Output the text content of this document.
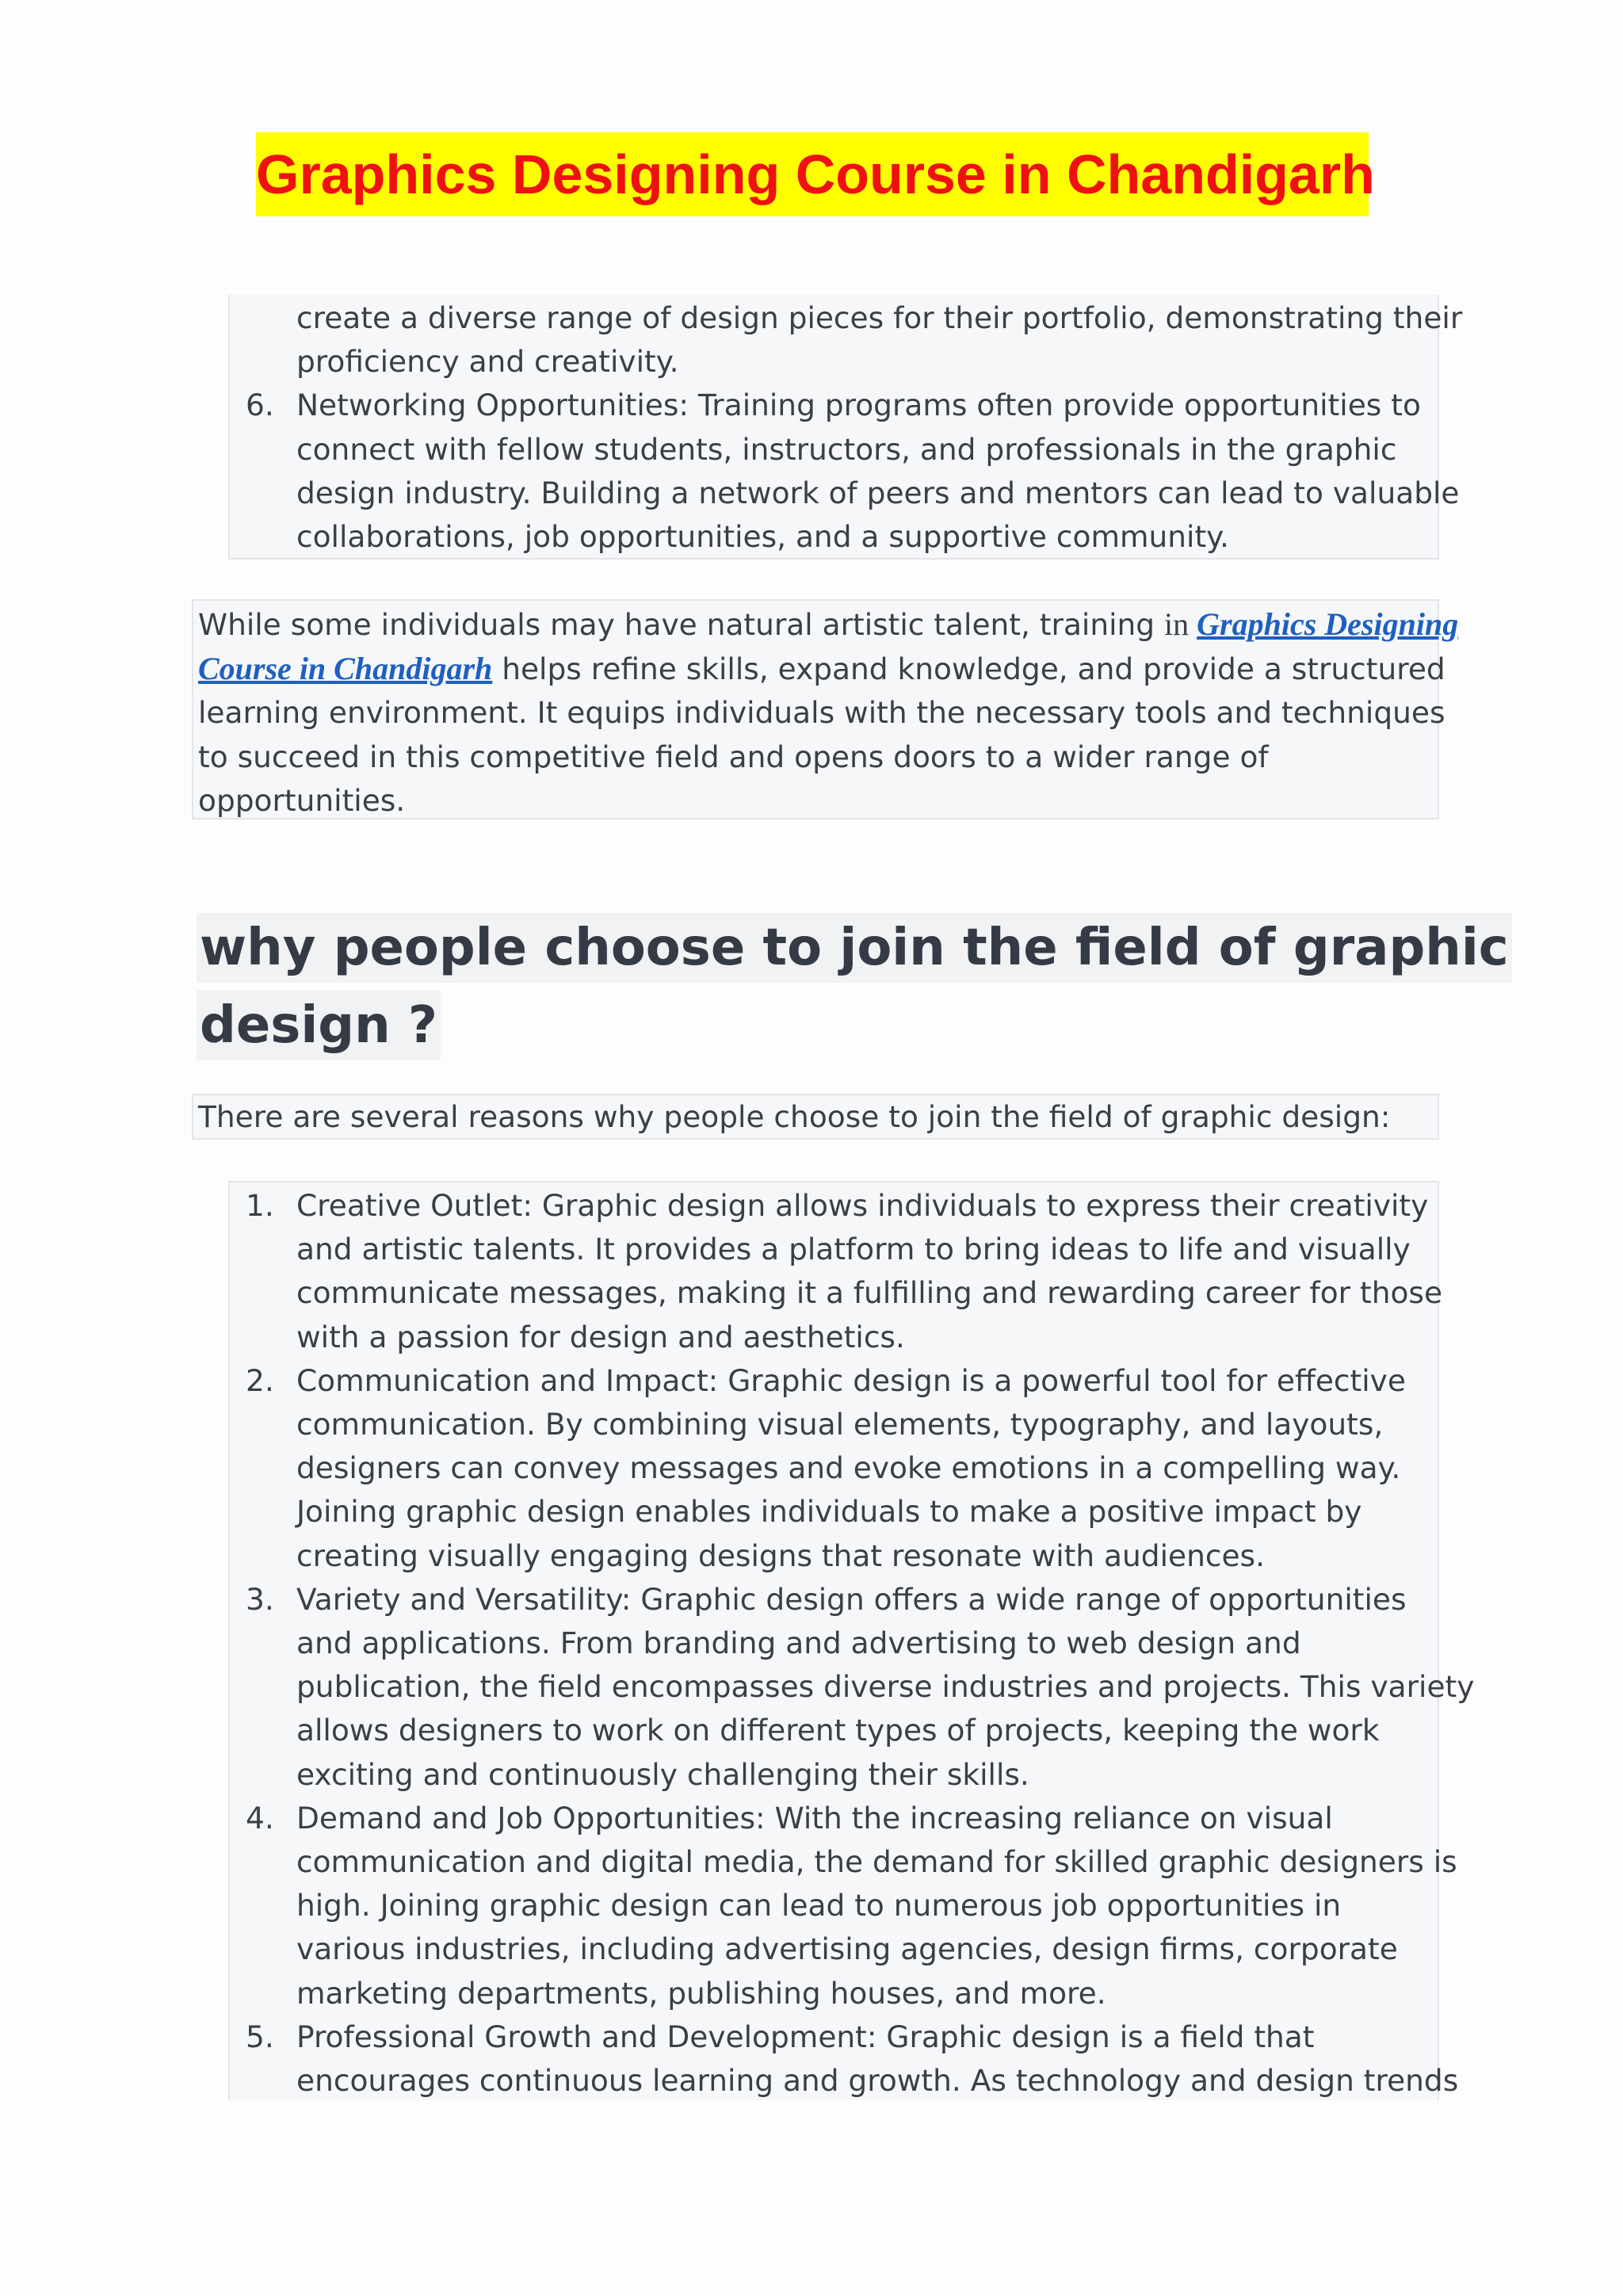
Graphics Designing Course in Chandigarh
create a diverse range of design pieces for their portfolio, demonstrating their
proficiency and creativity.
6. Networking Opportunities: Training programs often provide opportunities to
connect with fellow students, instructors, and professionals in the graphic
design industry. Building a network of peers and mentors can lead to valuable
collaborations, job opportunities, and a supportive community.
While some individuals may have natural artistic talent, training in Graphics Designing
Course in Chandigarh helps refine skills, expand knowledge, and provide a structured
learning environment. It equips individuals with the necessary tools and techniques
to succeed in this competitive field and opens doors to a wider range of
opportunities.
why people choose to join the field of graphic
design ?
There are several reasons why people choose to join the field of graphic design:
1. Creative Outlet: Graphic design allows individuals to express their creativity
and artistic talents. It provides a platform to bring ideas to life and visually
communicate messages, making it a fulfilling and rewarding career for those
with a passion for design and aesthetics.
2. Communication and Impact: Graphic design is a powerful tool for effective
communication. By combining visual elements, typography, and layouts,
designers can convey messages and evoke emotions in a compelling way.
Joining graphic design enables individuals to make a positive impact by
creating visually engaging designs that resonate with audiences.
3. Variety and Versatility: Graphic design offers a wide range of opportunities
and applications. From branding and advertising to web design and
publication, the field encompasses diverse industries and projects. This variety
allows designers to work on different types of projects, keeping the work
exciting and continuously challenging their skills.
4. Demand and Job Opportunities: With the increasing reliance on visual
communication and digital media, the demand for skilled graphic designers is
high. Joining graphic design can lead to numerous job opportunities in
various industries, including advertising agencies, design firms, corporate
marketing departments, publishing houses, and more.
5. Professional Growth and Development: Graphic design is a field that
encourages continuous learning and growth. As technology and design trends
